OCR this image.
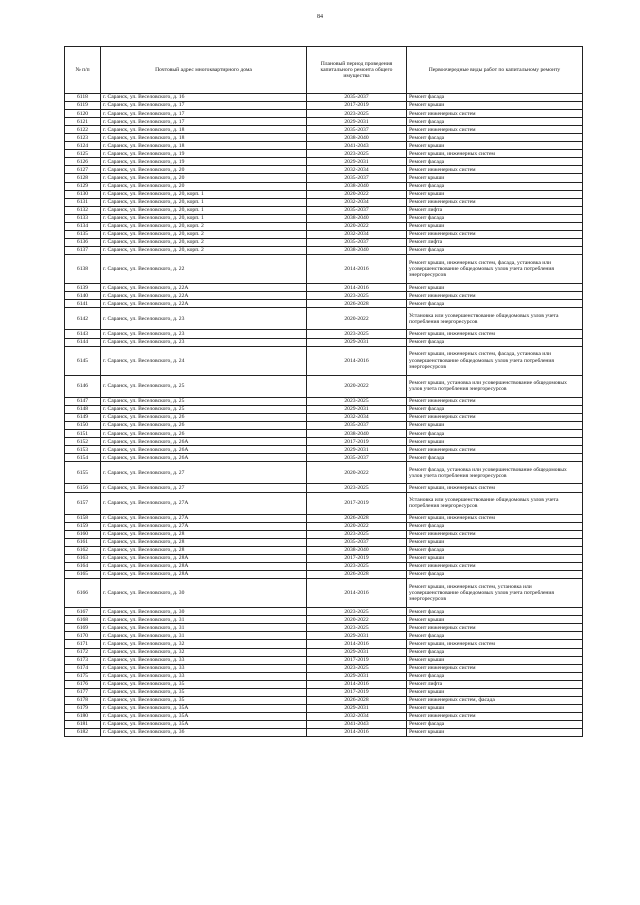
84
№ п/п	Почтовый адрес многоквартирного дома	Плановый период проведения капитального ремонта общего имущества	Первоочередные виды работ по капитальному ремонту
6118	г. Саранск, ул. Веселовского, д. 16	2035-2037	Ремонт фасада
6119	г. Саранск, ул. Веселовского, д. 17	2017-2019	Ремонт крыши
6120	г. Саранск, ул. Веселовского, д. 17	2023-2025	Ремонт инженерных систем
6121	г. Саранск, ул. Веселовского, д. 17	2029-2031	Ремонт фасада
6122	г. Саранск, ул. Веселовского, д. 18	2035-2037	Ремонт инженерных систем
6123	г. Саранск, ул. Веселовского, д. 18	2038-2040	Ремонт фасада
6124	г. Саранск, ул. Веселовского, д. 18	2041-2043	Ремонт крыши
6125	г. Саранск, ул. Веселовского, д. 19	2023-2025	Ремонт крыши, инженерных систем
6126	г. Саранск, ул. Веселовского, д. 19	2029-2031	Ремонт фасада
6127	г. Саранск, ул. Веселовского, д. 20	2032-2034	Ремонт инженерных систем
6128	г. Саранск, ул. Веселовского, д. 20	2035-2037	Ремонт крыши
6129	г. Саранск, ул. Веселовского, д. 20	2038-2040	Ремонт фасада
6130	г. Саранск, ул. Веселовского, д. 20, корп. 1	2020-2022	Ремонт крыши
6131	г. Саранск, ул. Веселовского, д. 20, корп. 1	2032-2034	Ремонт инженерных систем
6132	г. Саранск, ул. Веселовского, д. 20, корп. 1	2035-2037	Ремонт лифта
6133	г. Саранск, ул. Веселовского, д. 20, корп. 1	2038-2040	Ремонт фасада
6134	г. Саранск, ул. Веселовского, д. 20, корп. 2	2020-2022	Ремонт крыши
6135	г. Саранск, ул. Веселовского, д. 20, корп. 2	2032-2034	Ремонт инженерных систем
6136	г. Саранск, ул. Веселовского, д. 20, корп. 2	2035-2037	Ремонт лифта
6137	г. Саранск, ул. Веселовского, д. 20, корп. 2	2038-2040	Ремонт фасада
6138	г. Саранск, ул. Веселовского, д. 22	2014-2016	Ремонт крыши, инженерных систем, фасада, установка или усовершенствование общедомовых узлов учета потребления энергоресурсов
6139	г. Саранск, ул. Веселовского, д. 22А	2014-2016	Ремонт крыши
6140	г. Саранск, ул. Веселовского, д. 22А	2023-2025	Ремонт инженерных систем
6141	г. Саранск, ул. Веселовского, д. 22А	2026-2028	Ремонт фасада
6142	г. Саранск, ул. Веселовского, д. 23	2020-2022	Установка или усовершенствование общедомовых узлов учета потребления энергоресурсов
6143	г. Саранск, ул. Веселовского, д. 23	2023-2025	Ремонт крыши, инженерных систем
6144	г. Саранск, ул. Веселовского, д. 23	2029-2031	Ремонт фасада
6145	г. Саранск, ул. Веселовского, д. 24	2014-2016	Ремонт крыши, инженерных систем, фасада, установка или усовершенствование общедомовых узлов учета потребления энергоресурсов
6146	г. Саранск, ул. Веселовского, д. 25	2020-2022	Ремонт крыши, установка или усовершенствование общедомовых узлов учета потребления энергоресурсов
6147	г. Саранск, ул. Веселовского, д. 25	2023-2025	Ремонт инженерных систем
6148	г. Саранск, ул. Веселовского, д. 25	2029-2031	Ремонт фасада
6149	г. Саранск, ул. Веселовского, д. 26	2032-2034	Ремонт инженерных систем
6150	г. Саранск, ул. Веселовского, д. 26	2035-2037	Ремонт крыши
6151	г. Саранск, ул. Веселовского, д. 26	2038-2040	Ремонт фасада
6152	г. Саранск, ул. Веселовского, д. 26А	2017-2019	Ремонт крыши
6153	г. Саранск, ул. Веселовского, д. 26А	2029-2031	Ремонт инженерных систем
6154	г. Саранск, ул. Веселовского, д. 26А	2035-2037	Ремонт фасада
6155	г. Саранск, ул. Веселовского, д. 27	2020-2022	Ремонт фасада, установка или усовершенствование общедомовых узлов учета потребления энергоресурсов
6156	г. Саранск, ул. Веселовского, д. 27	2023-2025	Ремонт крыши, инженерных систем
6157	г. Саранск, ул. Веселовского, д. 27А	2017-2019	Установка или усовершенствование общедомовых узлов учета потребления энергоресурсов
6158	г. Саранск, ул. Веселовского, д. 27А	2026-2028	Ремонт крыши, инженерных систем
6159	г. Саранск, ул. Веселовского, д. 27А	2020-2022	Ремонт фасада
6160	г. Саранск, ул. Веселовского, д. 28	2023-2025	Ремонт инженерных систем
6161	г. Саранск, ул. Веселовского, д. 28	2035-2037	Ремонт крыши
6162	г. Саранск, ул. Веселовского, д. 28	2038-2040	Ремонт фасада
6163	г. Саранск, ул. Веселовского, д. 28А	2017-2019	Ремонт крыши
6164	г. Саранск, ул. Веселовского, д. 28А	2023-2025	Ремонт инженерных систем
6165	г. Саранск, ул. Веселовского, д. 28А	2026-2028	Ремонт фасада
6166	г. Саранск, ул. Веселовского, д. 30	2014-2016	Ремонт крыши, инженерных систем, установка или усовершенствование общедомовых узлов учета потребления энергоресурсов
6167	г. Саранск, ул. Веселовского, д. 30	2023-2025	Ремонт фасада
6168	г. Саранск, ул. Веселовского, д. 31	2020-2022	Ремонт крыши
6169	г. Саранск, ул. Веселовского, д. 31	2023-2025	Ремонт инженерных систем
6170	г. Саранск, ул. Веселовского, д. 31	2029-2031	Ремонт фасада
6171	г. Саранск, ул. Веселовского, д. 32	2014-2016	Ремонт крыши, инженерных систем
6172	г. Саранск, ул. Веселовского, д. 32	2029-2031	Ремонт фасада
6173	г. Саранск, ул. Веселовского, д. 33	2017-2019	Ремонт крыши
6174	г. Саранск, ул. Веселовского, д. 33	2023-2025	Ремонт инженерных систем
6175	г. Саранск, ул. Веселовского, д. 33	2029-2031	Ремонт фасада
6176	г. Саранск, ул. Веселовского, д. 35	2014-2016	Ремонт лифта
6177	г. Саранск, ул. Веселовского, д. 35	2017-2019	Ремонт крыши
6178	г. Саранск, ул. Веселовского, д. 35	2026-2028	Ремонт инженерных систем, фасада
6179	г. Саранск, ул. Веселовского, д. 35А	2029-2031	Ремонт крыши
6180	г. Саранск, ул. Веселовского, д. 35А	2032-2034	Ремонт инженерных систем
6181	г. Саранск, ул. Веселовского, д. 35А	2041-2043	Ремонт фасада
6182	г. Саранск, ул. Веселовского, д. 36	2014-2016	Ремонт крыши
